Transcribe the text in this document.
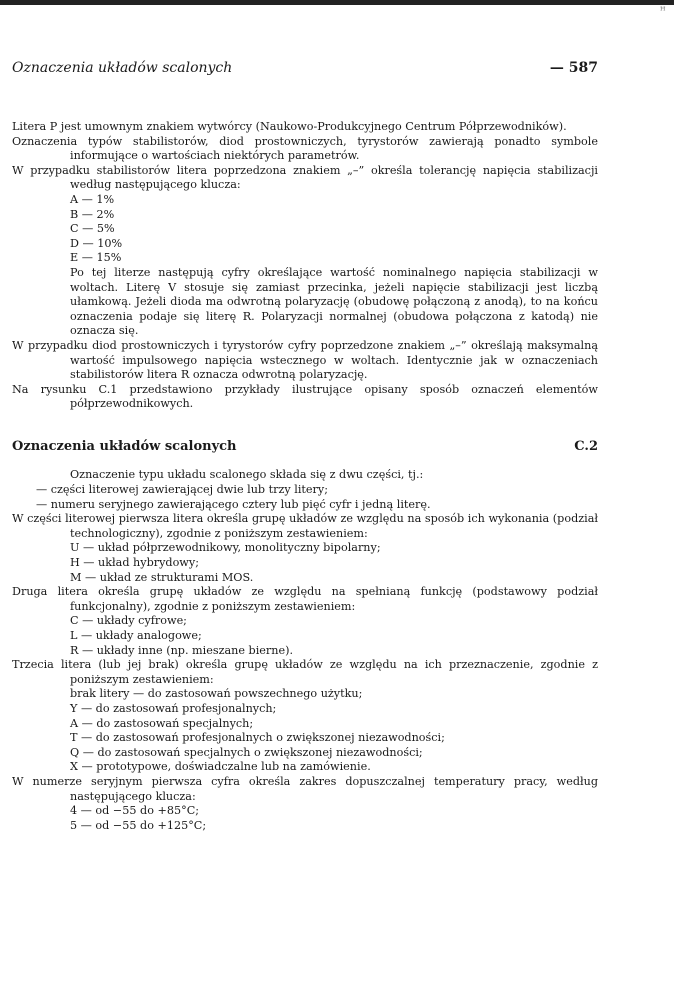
ꟸ
Oznaczenia układów scalonych	— 587

Litera P jest umownym znakiem wytwórcy (Naukowo-Produkcyjnego Centrum Półprzewodników).

Oznaczenia typów stabilistorów, diod prostowniczych, tyrystorów zawierają ponadto symbole informujące o wartościach niektórych parametrów.

W przypadku stabilistorów litera poprzedzona znakiem „–” określa tolerancję napięcia stabilizacji według następującego klucza:

A — 1%
B — 2%
C — 5%
D — 10%
E — 15%

Po tej literze następują cyfry określające wartość nominalnego napięcia stabilizacji w woltach. Literę V stosuje się zamiast przecinka, jeżeli napięcie stabilizacji jest liczbą ułamkową. Jeżeli dioda ma odwrotną polaryzację (obudowę połączoną z anodą), to na końcu oznaczenia podaje się literę R. Polaryzacji normalnej (obudowa połączona z katodą) nie oznacza się.

W przypadku diod prostowniczych i tyrystorów cyfry poprzedzone znakiem „–” określają maksymalną wartość impulsowego napięcia wstecznego w woltach. Identycznie jak w oznaczeniach stabilistorów litera R oznacza odwrotną polaryzację.

Na rysunku C.1 przedstawiono przykłady ilustrujące opisany sposób oznaczeń elementów półprzewodnikowych.

Oznaczenia układów scalonych	C.2

Oznaczenie typu układu scalonego składa się z dwu części, tj.:

— części literowej zawierającej dwie lub trzy litery;

— numeru seryjnego zawierającego cztery lub pięć cyfr i jedną literę.

W części literowej pierwsza litera określa grupę układów ze względu na sposób ich wykonania (podział technologiczny), zgodnie z poniższym zestawieniem:

U — układ półprzewodnikowy, monolityczny bipolarny;
H — układ hybrydowy;
M — układ ze strukturami MOS.

Druga litera określa grupę układów ze względu na spełnianą funkcję (podstawowy podział funkcjonalny), zgodnie z poniższym zestawieniem:

C — układy cyfrowe;
L — układy analogowe;
R — układy inne (np. mieszane bierne).

Trzecia litera (lub jej brak) określa grupę układów ze względu na ich przeznaczenie, zgodnie z poniższym zestawieniem:

brak litery — do zastosowań powszechnego użytku;
Y — do zastosowań profesjonalnych;
A — do zastosowań specjalnych;
T — do zastosowań profesjonalnych o zwiększonej niezawodności;
Q — do zastosowań specjalnych o zwiększonej niezawodności;
X — prototypowe, doświadczalne lub na zamówienie.

W numerze seryjnym pierwsza cyfra określa zakres dopuszczalnej temperatury pracy, według następującego klucza:

4 — od −55 do +85°C;
5 — od −55 do +125°C;
